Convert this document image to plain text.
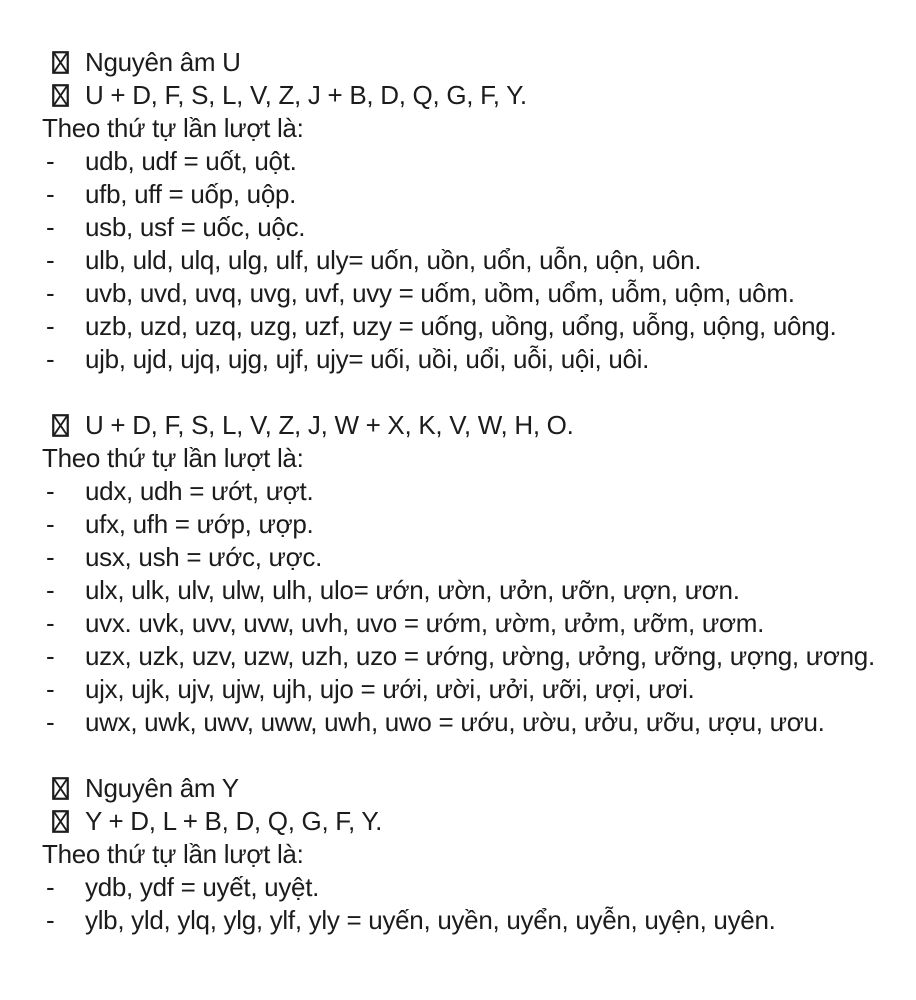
Nguyên âm U
U + D, F, S, L, V, Z, J + B, D, Q, G, F, Y.
Theo thứ tự lần lượt là:
- udb, udf = uốt, uột.
- ufb, uff = uốp, uộp.
- usb, usf = uốc, uộc.
- ulb, uld, ulq, ulg, ulf, uly= uốn, uồn, uổn, uỗn, uộn, uôn.
- uvb, uvd, uvq, uvg, uvf, uvy = uốm, uồm, uổm, uỗm, uộm, uôm.
- uzb, uzd, uzq, uzg, uzf, uzy = uống, uồng, uổng, uỗng, uộng, uông.
- ujb, ujd, ujq, ujg, ujf, ujy= uối, uồi, uổi, uỗi, uội, uôi.
U + D, F, S, L, V, Z, J, W + X, K, V, W, H, O.
Theo thứ tự lần lượt là:
- udx, udh = ướt, ượt.
- ufx, ufh = ướp, ượp.
- usx, ush = ước, ược.
- ulx, ulk, ulv, ulw, ulh, ulo= ướn, ườn, ưởn, ưỡn, ượn, ươn.
- uvx. uvk, uvv, uvw, uvh, uvo = ướm, ườm, ưởm, ưỡm, ươm.
- uzx, uzk, uzv, uzw, uzh, uzo = ướng, ường, ưởng, ưỡng, ượng, ương.
- ujx, ujk, ujv, ujw, ujh, ujo = ưới, ười, ưởi, ưỡi, ượi, ươi.
- uwx, uwk, uwv, uww, uwh, uwo = ướu, ườu, ưởu, ưỡu, ượu, ươu.
Nguyên âm Y
Y + D, L + B, D, Q, G, F, Y.
Theo thứ tự lần lượt là:
- ydb, ydf = uyết, uyệt.
- ylb, yld, ylq, ylg, ylf, yly = uyến, uyền, uyển, uyễn, uyện, uyên.
